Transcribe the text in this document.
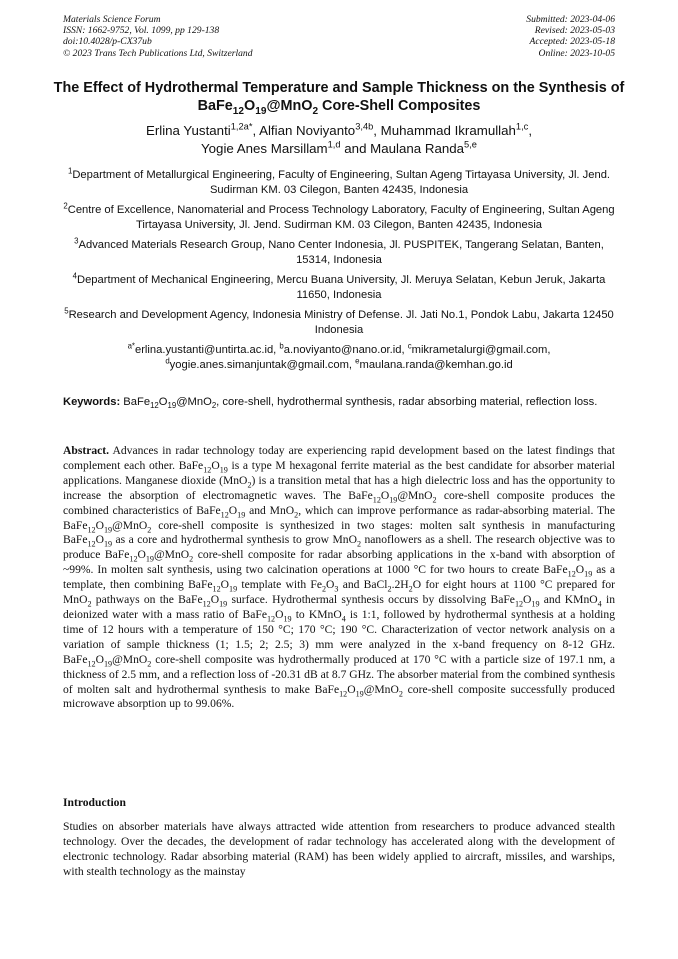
Materials Science Forum
ISSN: 1662-9752, Vol. 1099, pp 129-138
doi:10.4028/p-CX37ub
© 2023 Trans Tech Publications Ltd, Switzerland
Submitted: 2023-04-06
Revised: 2023-05-03
Accepted: 2023-05-18
Online: 2023-10-05
The Effect of Hydrothermal Temperature and Sample Thickness on the Synthesis of $BaFe_{12}O_{19}@MnO_2$ Core-Shell Composites
Erlina Yustanti$^{1,2a*}$, Alfian Noviyanto$^{3,4b}$, Muhammad Ikramullah$^{1,c}$,
Yogie Anes Marsillam$^{1,d}$ and Maulana Randa$^{5,e}$
$^1$Department of Metallurgical Engineering, Faculty of Engineering, Sultan Ageng Tirtayasa University, Jl. Jend. Sudirman KM. 03 Cilegon, Banten 42435, Indonesia
$^2$Centre of Excellence, Nanomaterial and Process Technology Laboratory, Faculty of Engineering, Sultan Ageng Tirtayasa University, Jl. Jend. Sudirman KM. 03 Cilegon, Banten 42435, Indonesia
$^3$Advanced Materials Research Group, Nano Center Indonesia, Jl. PUSPITEK, Tangerang Selatan, Banten, 15314, Indonesia
$^4$Department of Mechanical Engineering, Mercu Buana University, Jl. Meruya Selatan, Kebun Jeruk, Jakarta 11650, Indonesia
$^5$Research and Development Agency, Indonesia Ministry of Defense. Jl. Jati No.1, Pondok Labu, Jakarta 12450 Indonesia
$^{a*}$erlina.yustanti@untirta.ac.id, $^b$a.noviyanto@nano.or.id, $^c$mikrametalurgi@gmail.com,
$^d$yogie.anes.simanjuntak@gmail.com, $^e$maulana.randa@kemhan.go.id
Keywords: $BaFe_{12}O_{19}@MnO_2$, core-shell, hydrothermal synthesis, radar absorbing material, reflection loss.
Abstract. Advances in radar technology today are experiencing rapid development based on the latest findings that complement each other. $BaFe_{12}O_{19}$ is a type M hexagonal ferrite material as the best candidate for absorber material applications. Manganese dioxide (MnO$_2$) is a transition metal that has a high dielectric loss and has the opportunity to increase the absorption of electromagnetic waves. The $BaFe_{12}O_{19}@MnO_2$ core-shell composite produces the combined characteristics of $BaFe_{12}O_{19}$ and MnO$_2$, which can improve performance as radar-absorbing material. The $BaFe_{12}O_{19}@MnO_2$ core-shell composite is synthesized in two stages: molten salt synthesis in manufacturing $BaFe_{12}O_{19}$ as a core and hydrothermal synthesis to grow MnO$_2$ nanoflowers as a shell. The research objective was to produce $BaFe_{12}O_{19}@MnO_2$ core-shell composite for radar absorbing applications in the x-band with absorption of ~99%. In molten salt synthesis, using two calcination operations at 1000 °C for two hours to create $BaFe_{12}O_{19}$ as a template, then combining $BaFe_{12}O_{19}$ template with $Fe_2O_3$ and $BaCl_2.2H_2O$ for eight hours at 1100 °C prepared for MnO$_2$ pathways on the $BaFe_{12}O_{19}$ surface. Hydrothermal synthesis occurs by dissolving $BaFe_{12}O_{19}$ and KMnO$_4$ in deionized water with a mass ratio of $BaFe_{12}O_{19}$ to KMnO$_4$ is 1:1, followed by hydrothermal synthesis at a holding time of 12 hours with a temperature of 150 °C; 170 °C; 190 °C. Characterization of vector network analysis on a variation of sample thickness (1; 1.5; 2; 2.5; 3) mm were analyzed in the x-band frequency on 8-12 GHz. $BaFe_{12}O_{19}@MnO_2$ core-shell composite was hydrothermally produced at 170 °C with a particle size of 197.1 nm, a thickness of 2.5 mm, and a reflection loss of -20.31 dB at 8.7 GHz. The absorber material from the combined synthesis of molten salt and hydrothermal synthesis to make $BaFe_{12}O_{19}@MnO_2$ core-shell composite successfully produced microwave absorption up to 99.06%.
Introduction
Studies on absorber materials have always attracted wide attention from researchers to produce advanced stealth technology. Over the decades, the development of radar technology has accelerated along with the development of electronic technology. Radar absorbing material (RAM) has been widely applied to aircraft, missiles, and warships, with stealth technology as the mainstay
